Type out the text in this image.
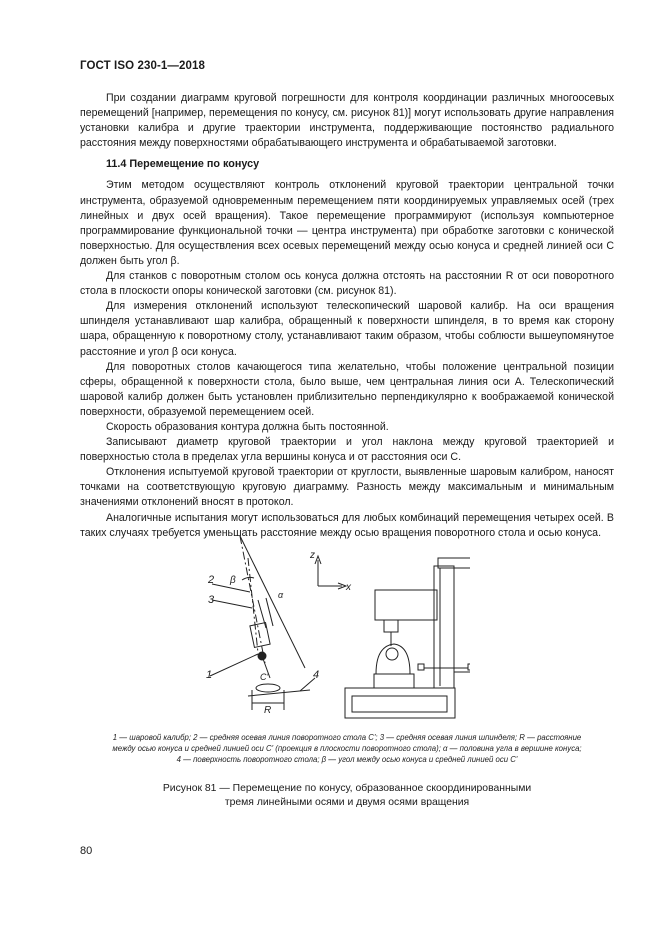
ГОСТ ISO 230-1—2018

При создании диаграмм круговой погрешности для контроля координации различных многоосевых перемещений [например, перемещения по конусу, см. рисунок 81)] могут использовать другие направления установки калибра и другие траектории инструмента, поддерживающие постоянство радиального расстояния между поверхностями обрабатывающего инструмента и обрабатываемой заготовки.

11.4 Перемещение по конусу

Этим методом осуществляют контроль отклонений круговой траектории центральной точки инструмента, образуемой одновременным перемещением пяти координируемых управляемых осей (трех линейных и двух осей вращения). Такое перемещение программируют (используя компьютерное программирование функциональной точки — центра инструмента) при обработке заготовки с конической поверхностью. Для осуществления всех осевых перемещений между осью конуса и средней линией оси C должен быть угол β.

Для станков с поворотным столом ось конуса должна отстоять на расстоянии R от оси поворотного стола в плоскости опоры конической заготовки (см. рисунок 81).

Для измерения отклонений используют телескопический шаровой калибр. На оси вращения шпинделя устанавливают шар калибра, обращенный к поверхности шпинделя, в то время как сторону шара, обращенную к поворотному столу, устанавливают таким образом, чтобы соблюсти вышеупомянутое расстояние и угол β оси конуса.

Для поворотных столов качающегося типа желательно, чтобы положение центральной позиции сферы, обращенной к поверхности стола, было выше, чем центральная линия оси A. Телескопический шаровой калибр должен быть установлен приблизительно перпендикулярно к воображаемой конической поверхности, образуемой перемещением осей.

Скорость образования контура должна быть постоянной.

Записывают диаметр круговой траектории и угол наклона между круговой траекторией и поверхностью стола в пределах угла вершины конуса и от расстояния оси C.

Отклонения испытуемой круговой траектории от круглости, выявленные шаровым калибром, наносят точками на соответствующую круговую диаграмму. Разность между максимальным и минимальным значениями отклонений вносят в протокол.

Аналогичные испытания могут использоваться для любых комбинаций перемещения четырех осей. В таких случаях требуется уменьшать расстояние между осью вращения поворотного стола и осью конуса.

2 β
3	α
1	C'	4
R
z
x
1 — шаровой калибр; 2 — средняя осевая линия поворотного стола C'; 3 — средняя осевая линия шпинделя; R — расстояние
между осью конуса и средней линией оси C' (проекция в плоскости поворотного стола); α — половина угла в вершине конуса;
4 — поверхность поворотного стола; β — угол между осью конуса и средней линией оси C'
Рисунок 81 — Перемещение по конусу, образованное скоординированными
тремя линейными осями и двумя осями вращения
80
